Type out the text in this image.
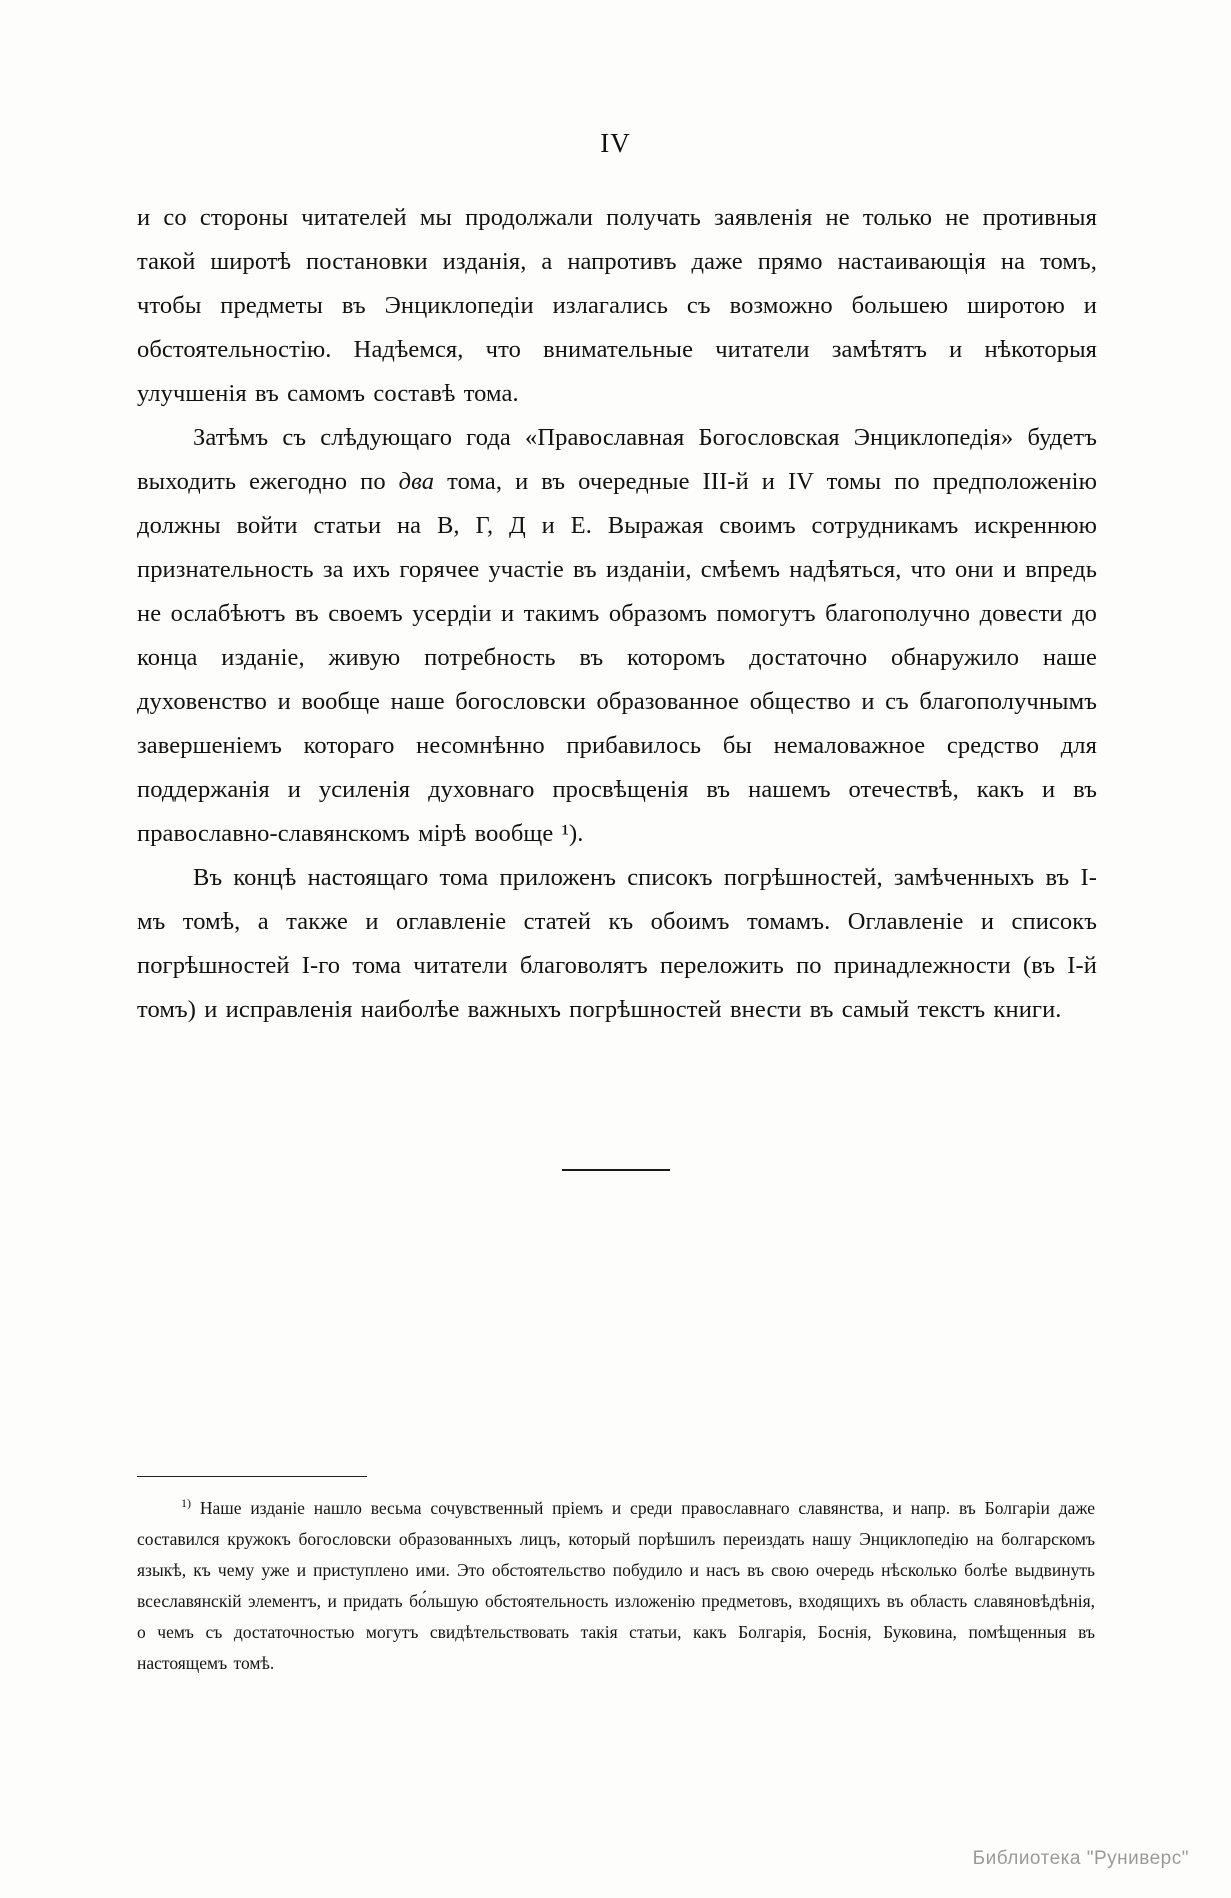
IV

и со стороны читателей мы продолжали получать заявленія не только не противныя такой широтѣ постановки изданія, а напротивъ даже прямо настаивающія на томъ, чтобы предметы въ Энциклопедіи излагались съ возможно большею широтою и обстоятельностію. Надѣемся, что внимательные читатели замѣтятъ и нѣкоторыя улучшенія въ самомъ составѣ тома.

Затѣмъ съ слѣдующаго года «Православная Богословская Энциклопедія» будетъ выходить ежегодно по два тома, и въ очередные III-й и IV томы по предположенію должны войти статьи на В, Г, Д и Е. Выражая своимъ сотрудникамъ искреннюю признательность за ихъ горячее участіе въ изданіи, смѣемъ надѣяться, что они и впредь не ослабѣютъ въ своемъ усердіи и такимъ образомъ помогутъ благополучно довести до конца изданіе, живую потребность въ которомъ достаточно обнаружило наше духовенство и вообще наше богословски образованное общество и съ благополучнымъ завершеніемъ котораго несомнѣнно прибавилось бы немаловажное средство для поддержанія и усиленія духовнаго просвѣщенія въ нашемъ отечествѣ, какъ и въ православно-славянскомъ мірѣ вообще ¹).

Въ концѣ настоящаго тома приложенъ списокъ погрѣшностей, замѣченныхъ въ I-мъ томѣ, а также и оглавленіе статей къ обоимъ томамъ. Оглавленіе и списокъ погрѣшностей I-го тома читатели благоволятъ переложить по принадлежности (въ I-й томъ) и исправленія наиболѣе важныхъ погрѣшностей внести въ самый текстъ книги.

$^{1)}$ Наше изданіе нашло весьма сочувственный пріемъ и среди православнаго славянства, и напр. въ Болгаріи даже составился кружокъ богословски образованныхъ лицъ, который порѣшилъ переиздать нашу Энциклопедію на болгарскомъ языкѣ, къ чему уже и приступлено ими. Это обстоятельство побудило и насъ въ свою очередь нѣсколько болѣе выдвинуть всеславянскій элементъ, и придать бо́льшую обстоятельность изложенію предметовъ, входящихъ въ область славяновѣдѣнія, о чемъ съ достаточностью могутъ свидѣтельствовать такія статьи, какъ Болгарія, Боснія, Буковина, помѣщенныя въ настоящемъ томѣ.

Библиотека "Руниверс"
